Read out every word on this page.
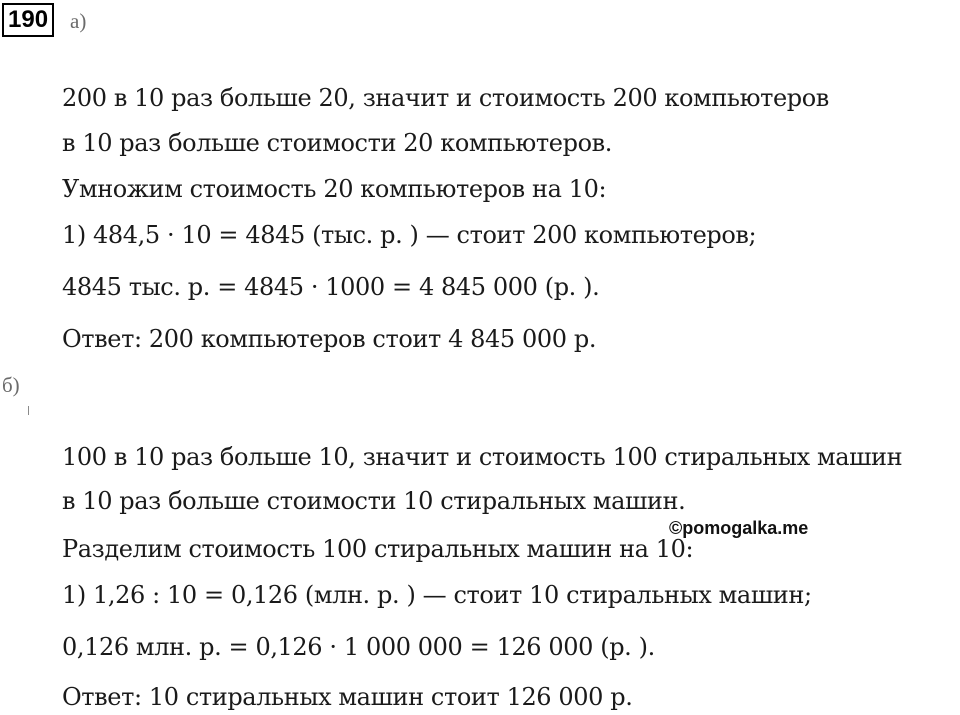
190 а)
200 в 10 раз больше 20, значит и стоимость 200 компьютеров
в 10 раз больше стоимости 20 компьютеров.
Умножим стоимость 20 компьютеров на 10:
1) 484,5 · 10 = 4845 (тыс. р. ) — стоит 200 компьютеров;
4845 тыс. р. = 4845 · 1000 = 4 845 000 (р. ).
Ответ: 200 компьютеров стоит 4 845 000 р.
б)
100 в 10 раз больше 10, значит и стоимость 100 стиральных машин
в 10 раз больше стоимости 10 стиральных машин.
Разделим стоимость 100 стиральных машин на 10:
1) 1,26 : 10 = 0,126 (млн. р. ) — стоит 10 стиральных машин;
0,126 млн. р. = 0,126 · 1 000 000 = 126 000 (р. ).
Ответ: 10 стиральных машин стоит 126 000 р.
©pomogalka.me
